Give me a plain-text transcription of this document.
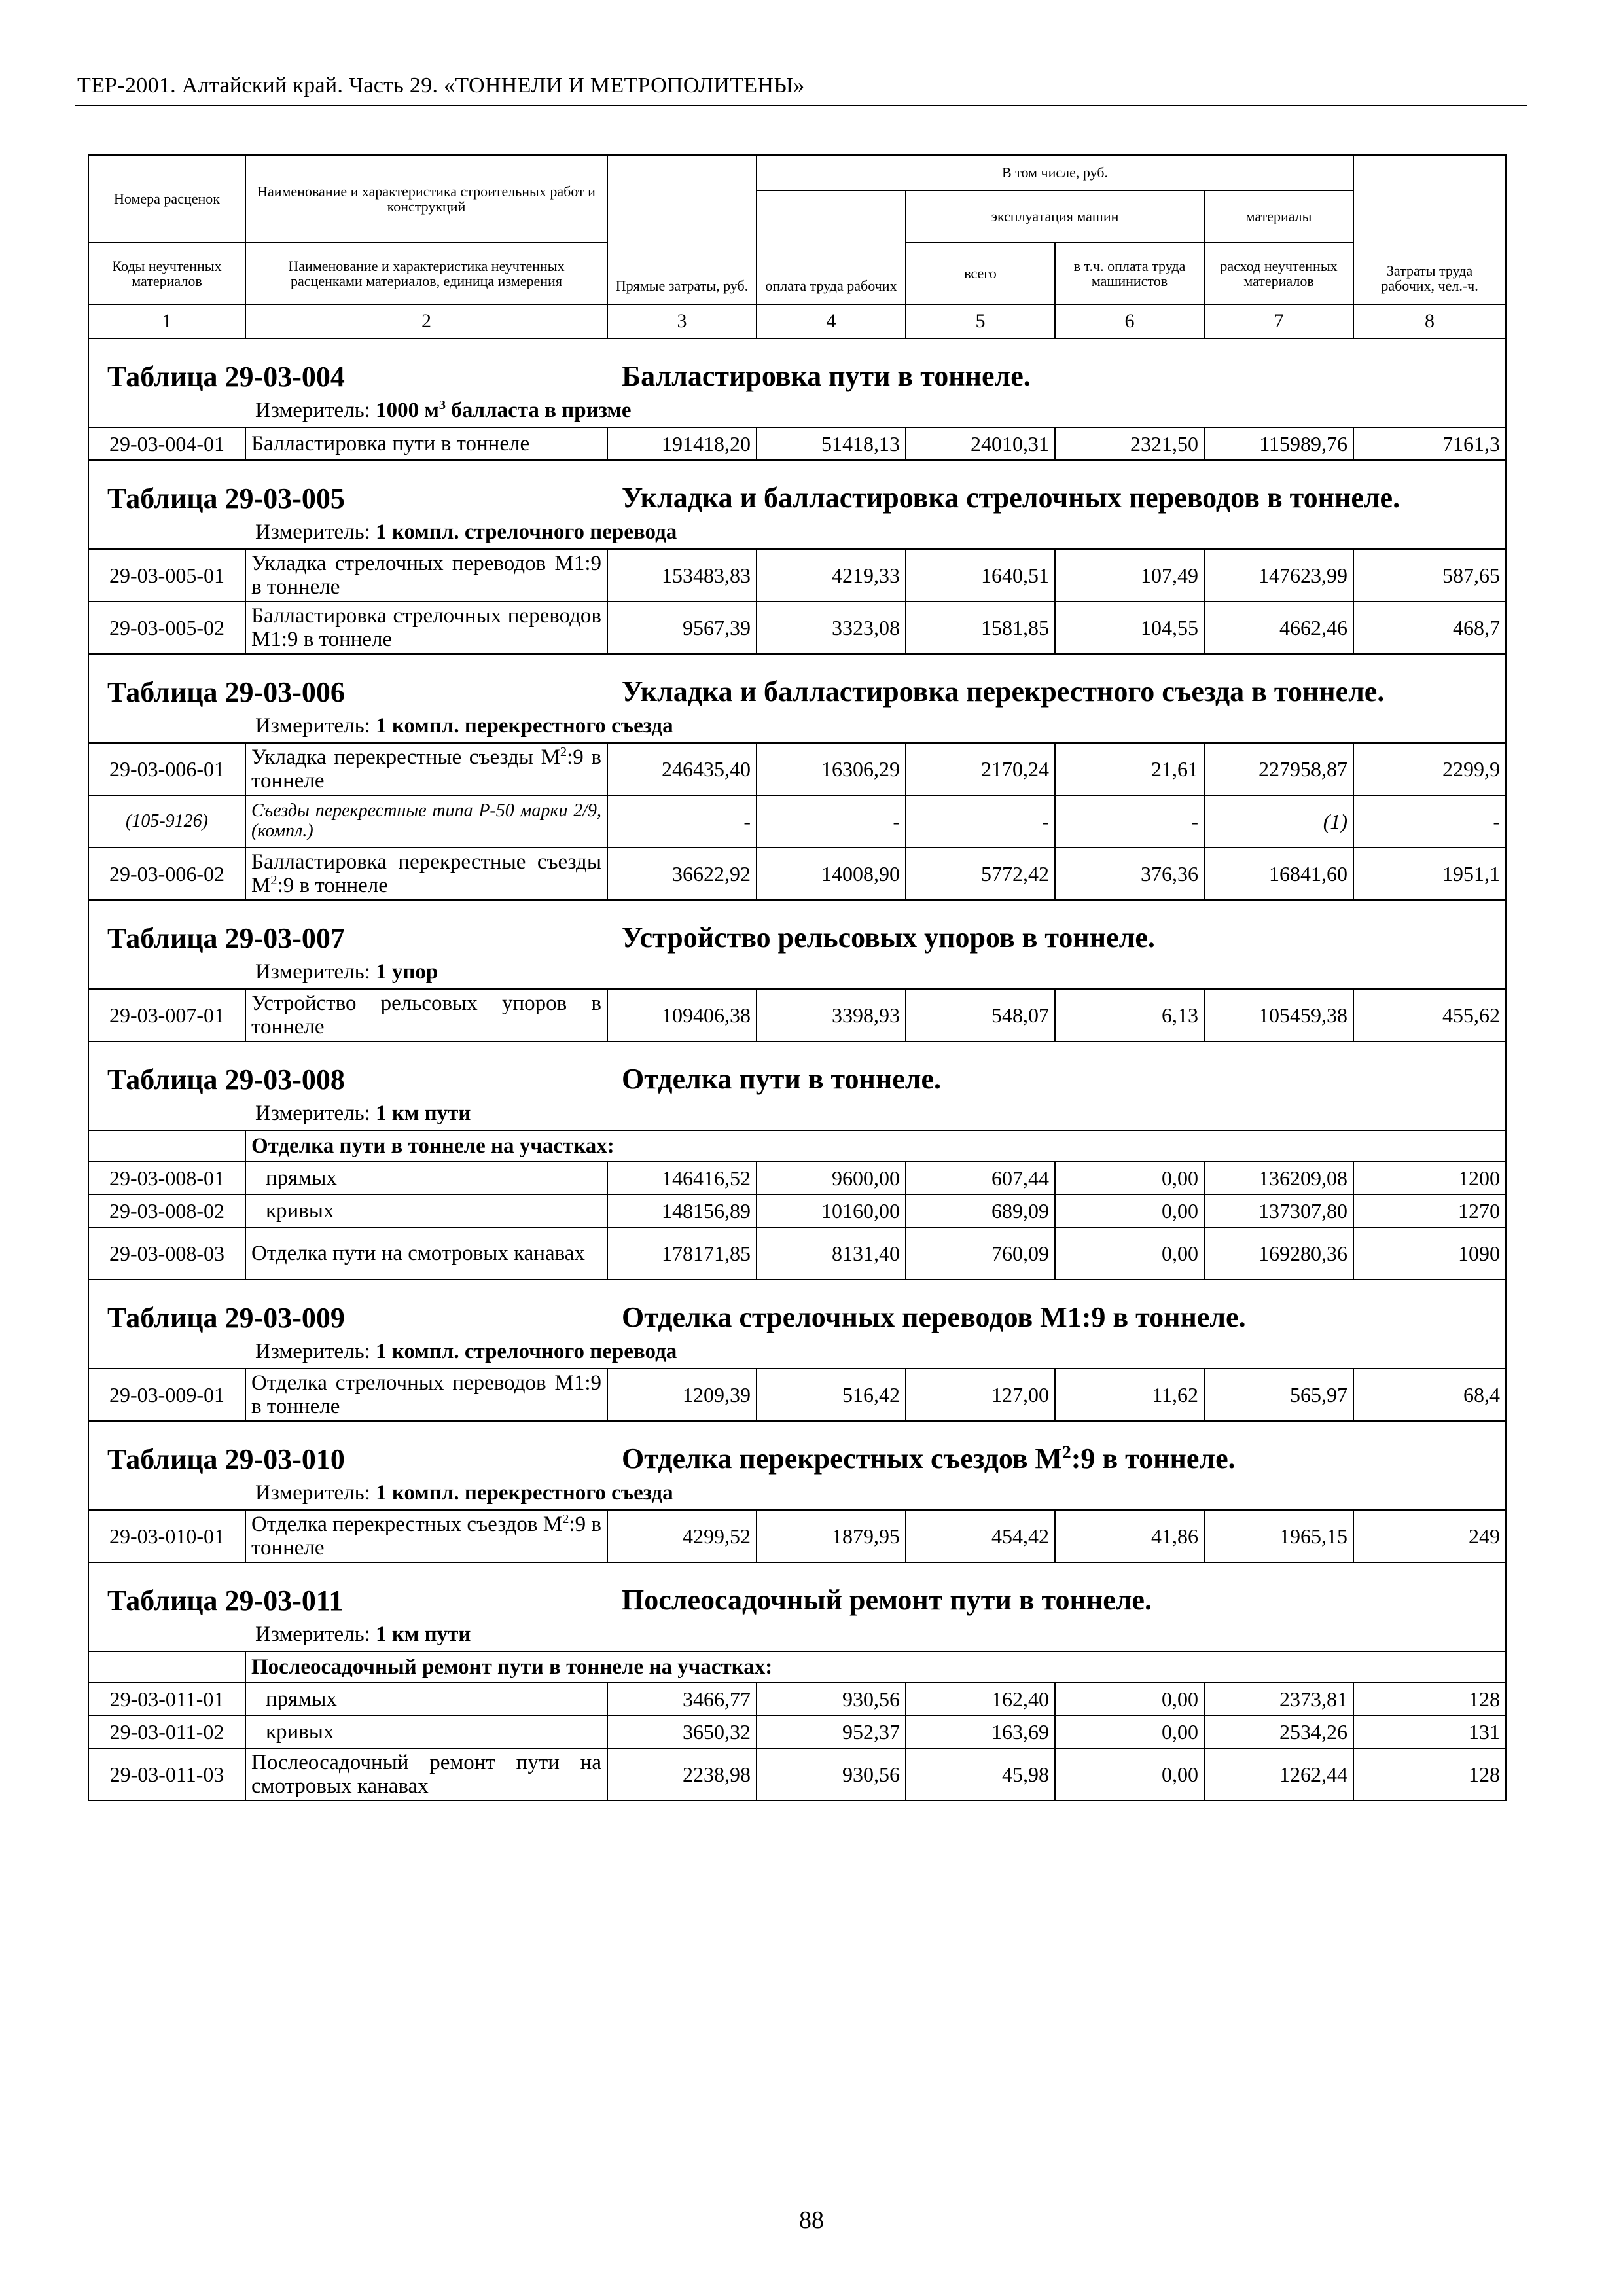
ТЕР-2001. Алтайский край. Часть 29. «ТОННЕЛИ И МЕТРОПОЛИТЕНЫ»
Номера расценок	Наименование и характеристика строительных работ и конструкций	Прямые затраты, руб.	В том числе, руб.				Затраты труда рабочих, чел.-ч.
			оплата труда рабочих	эксплуатация машин		материалы	
Коды неучтенных материалов	Наименование и характеристика неучтенных расценками материалов, единица измерения			всего	в т.ч. оплата труда машинистов	расход неучтенных материалов	
1	2	3	4	5	6	7	8

Таблица 29-03-004 Балластировка пути в тоннеле.
Измеритель: 1000 $м^3$ балласта в призме							

29-03-004-01	Балластировка пути в тоннеле	191418,20	51418,13	24010,31	2321,50	115989,76	7161,3

Таблица 29-03-005 Укладка и балластировка стрелочных переводов в тоннеле.
Измеритель: 1 компл. стрелочного перевода							

29-03-005-01	Укладка стрелочных переводов М1:9 в тоннеле	153483,83	4219,33	1640,51	107,49	147623,99	587,65
29-03-005-02	Балластировка стрелочных переводов М1:9 в тоннеле	9567,39	3323,08	1581,85	104,55	4662,46	468,7

Таблица 29-03-006 Укладка и балластировка перекрестного съезда в тоннеле.
Измеритель: 1 компл. перекрестного съезда							

29-03-006-01	Укладка перекрестные съезды $М^2:9$ в тоннеле	246435,40	16306,29	2170,24	21,61	227958,87	2299,9
(105-9126)	Съезды перекрестные типа Р-50 марки 2/9, (компл.)	-	-	-	-	(1)	-
29-03-006-02	Балластировка перекрестные съезды $М^2:9$ в тоннеле	36622,92	14008,90	5772,42	376,36	16841,60	1951,1

Таблица 29-03-007 Устройство рельсовых упоров в тоннеле.
Измеритель: 1 упор							

29-03-007-01	Устройство рельсовых упоров в тоннеле	109406,38	3398,93	548,07	6,13	105459,38	455,62

Таблица 29-03-008 Отделка пути в тоннеле.
Измеритель: 1 км пути							

	Отделка пути в тоннеле на участках:						
29-03-008-01	прямых	146416,52	9600,00	607,44	0,00	136209,08	1200
29-03-008-02	кривых	148156,89	10160,00	689,09	0,00	137307,80	1270
29-03-008-03	Отделка пути на смотровых канавах	178171,85	8131,40	760,09	0,00	169280,36	1090

Таблица 29-03-009 Отделка стрелочных переводов М1:9 в тоннеле.
Измеритель: 1 компл. стрелочного перевода							

29-03-009-01	Отделка стрелочных переводов М1:9 в тоннеле	1209,39	516,42	127,00	11,62	565,97	68,4

Таблица 29-03-010 Отделка перекрестных съездов $М^2:9$ в тоннеле.
Измеритель: 1 компл. перекрестного съезда							

29-03-010-01	Отделка перекрестных съездов $М^2:9$ в тоннеле	4299,52	1879,95	454,42	41,86	1965,15	249

Таблица 29-03-011 Послеосадочный ремонт пути в тоннеле.
Измеритель: 1 км пути							

	Послеосадочный ремонт пути в тоннеле на участках:						
29-03-011-01	прямых	3466,77	930,56	162,40	0,00	2373,81	128
29-03-011-02	кривых	3650,32	952,37	163,69	0,00	2534,26	131
29-03-011-03	Послеосадочный ремонт пути на смотровых канавах	2238,98	930,56	45,98	0,00	1262,44	128
88
